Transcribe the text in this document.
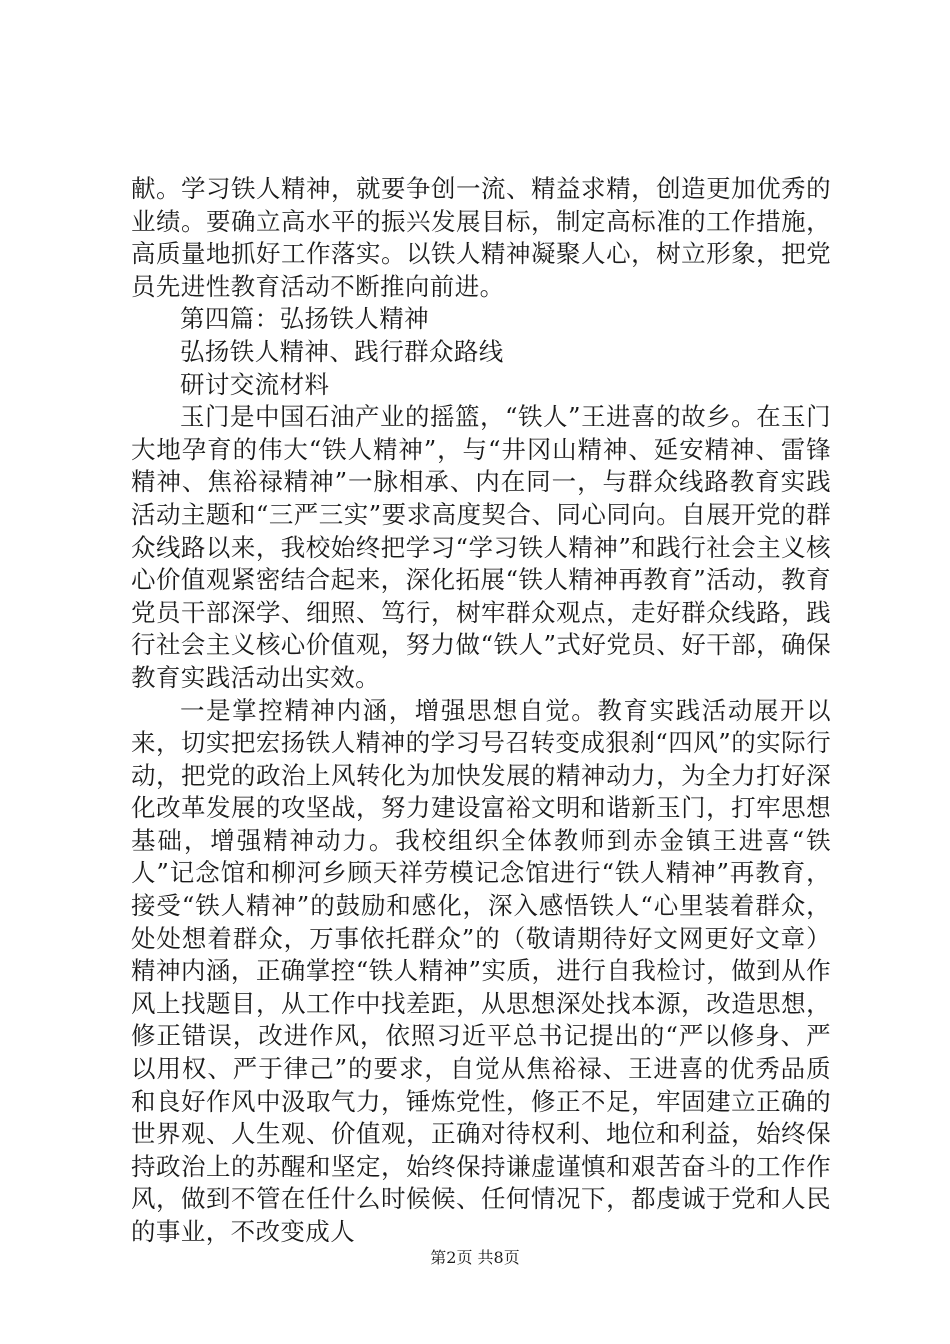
献。学习铁人精神，就要争创一流、精益求精，创造更加优秀的业绩。要确立高水平的振兴发展目标，制定高标准的工作措施，高质量地抓好工作落实。以铁人精神凝聚人心，树立形象，把党员先进性教育活动不断推向前进。

第四篇：弘扬铁人精神

弘扬铁人精神、践行群众路线

研讨交流材料

玉门是中国石油产业的摇篮，“铁人”王进喜的故乡。在玉门大地孕育的伟大“铁人精神”，与“井冈山精神、延安精神、雷锋精神、焦裕禄精神”一脉相承、内在同一，与群众线路教育实践活动主题和“三严三实”要求高度契合、同心同向。自展开党的群众线路以来，我校始终把学习“学习铁人精神”和践行社会主义核心价值观紧密结合起来，深化拓展“铁人精神再教育”活动，教育党员干部深学、细照、笃行，树牢群众观点，走好群众线路，践行社会主义核心价值观，努力做“铁人”式好党员、好干部，确保教育实践活动出实效。

一是掌控精神内涵，增强思想自觉。教育实践活动展开以来，切实把宏扬铁人精神的学习号召转变成狠刹“四风”的实际行动，把党的政治上风转化为加快发展的精神动力，为全力打好深化改革发展的攻坚战，努力建设富裕文明和谐新玉门，打牢思想基础，增强精神动力。我校组织全体教师到赤金镇王进喜“铁人”记念馆和柳河乡顾天祥劳模记念馆进行“铁人精神”再教育，接受“铁人精神”的鼓励和感化，深入感悟铁人“心里装着群众，处处想着群众，万事依托群众”的（敬请期待好文网更好文章）精神内涵，正确掌控“铁人精神”实质，进行自我检讨，做到从作风上找题目，从工作中找差距，从思想深处找本源，改造思想，修正错误，改进作风，依照习近平总书记提出的“严以修身、严以用权、严于律己”的要求，自觉从焦裕禄、王进喜的优秀品质和良好作风中汲取气力，锤炼党性，修正不足，牢固建立正确的世界观、人生观、价值观，正确对待权利、地位和利益，始终保持政治上的苏醒和坚定，始终保持谦虚谨慎和艰苦奋斗的工作作风，做到不管在任什么时候候、任何情况下，都虔诚于党和人民的事业，不改变成人

第2页 共8页
